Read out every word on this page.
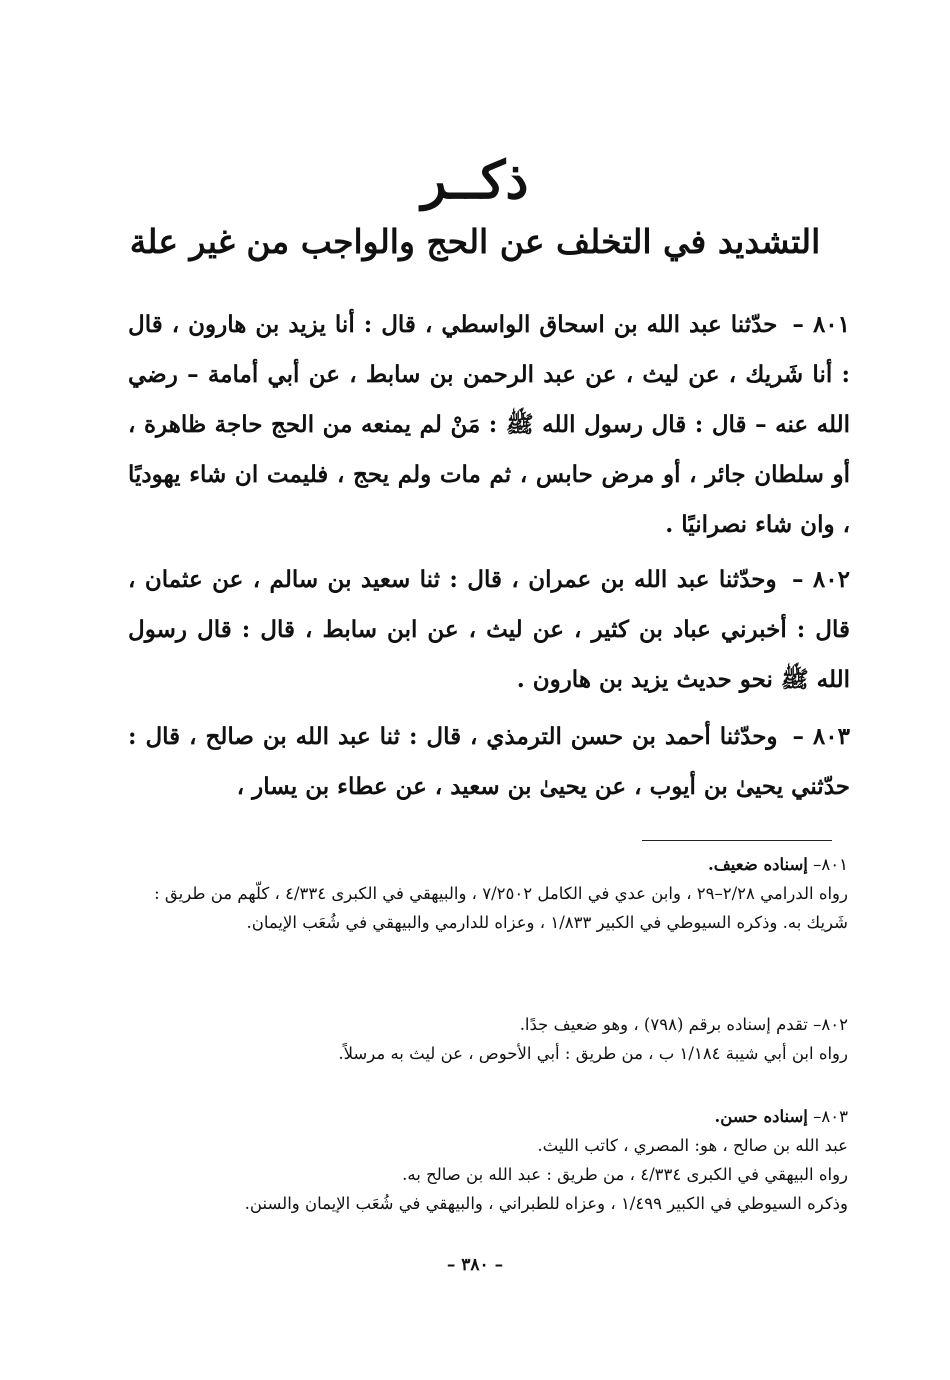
ذكــر
التشديد في التخلف عن الحج والواجب من غير علة
٨٠١ – حدّثنا عبد الله بن اسحاق الواسطي ، قال : أنا يزيد بن هارون ، قال : أنا شَريك ، عن ليث ، عن عبد الرحمن بن سابط ، عن أبي أمامة – رضي الله عنه – قال : قال رسول الله ﷺ : مَنْ لم يمنعه من الحج حاجة ظاهرة ، أو سلطان جائر ، أو مرض حابس ، ثم مات ولم يحج ، فليمت ان شاء يهوديًا ، وان شاء نصرانيًا .
٨٠٢ – وحدّثنا عبد الله بن عمران ، قال : ثنا سعيد بن سالم ، عن عثمان ، قال : أخبرني عباد بن كثير ، عن ليث ، عن ابن سابط ، قال : قال رسول الله ﷺ نحو حديث يزيد بن هارون .
٨٠٣ – وحدّثنا أحمد بن حسن الترمذي ، قال : ثنا عبد الله بن صالح ، قال : حدّثني يحيىٰ بن أيوب ، عن يحيىٰ بن سعيد ، عن عطاء بن يسار ،
٨٠١– إسناده ضعيف.
رواه الدرامي ٢/٢٨–٢٩ ، وابن عدي في الكامل ٧/٢٥٠٢ ، والبيهقي في الكبرى ٤/٣٣٤ ، كلّهم من طريق : شَريك به. وذكره السيوطي في الكبير ١/٨٣٣ ، وعزاه للدارمي والبيهقي في شُعَب الإيمان.
٨٠٢– تقدم إسناده برقم (٧٩٨) ، وهو ضعيف جدًا.
رواه ابن أبي شيبة ١/١٨٤ ب ، من طريق : أبي الأحوص ، عن ليث به مرسلاً.
٨٠٣– إسناده حسن.
عبد الله بن صالح ، هو: المصري ، كاتب الليث.
رواه البيهقي في الكبرى ٤/٣٣٤ ، من طريق : عبد الله بن صالح به.
وذكره السيوطي في الكبير ١/٤٩٩ ، وعزاه للطبراني ، والبيهقي في شُعَب الإيمان والسنن.
– ٣٨٠ –
